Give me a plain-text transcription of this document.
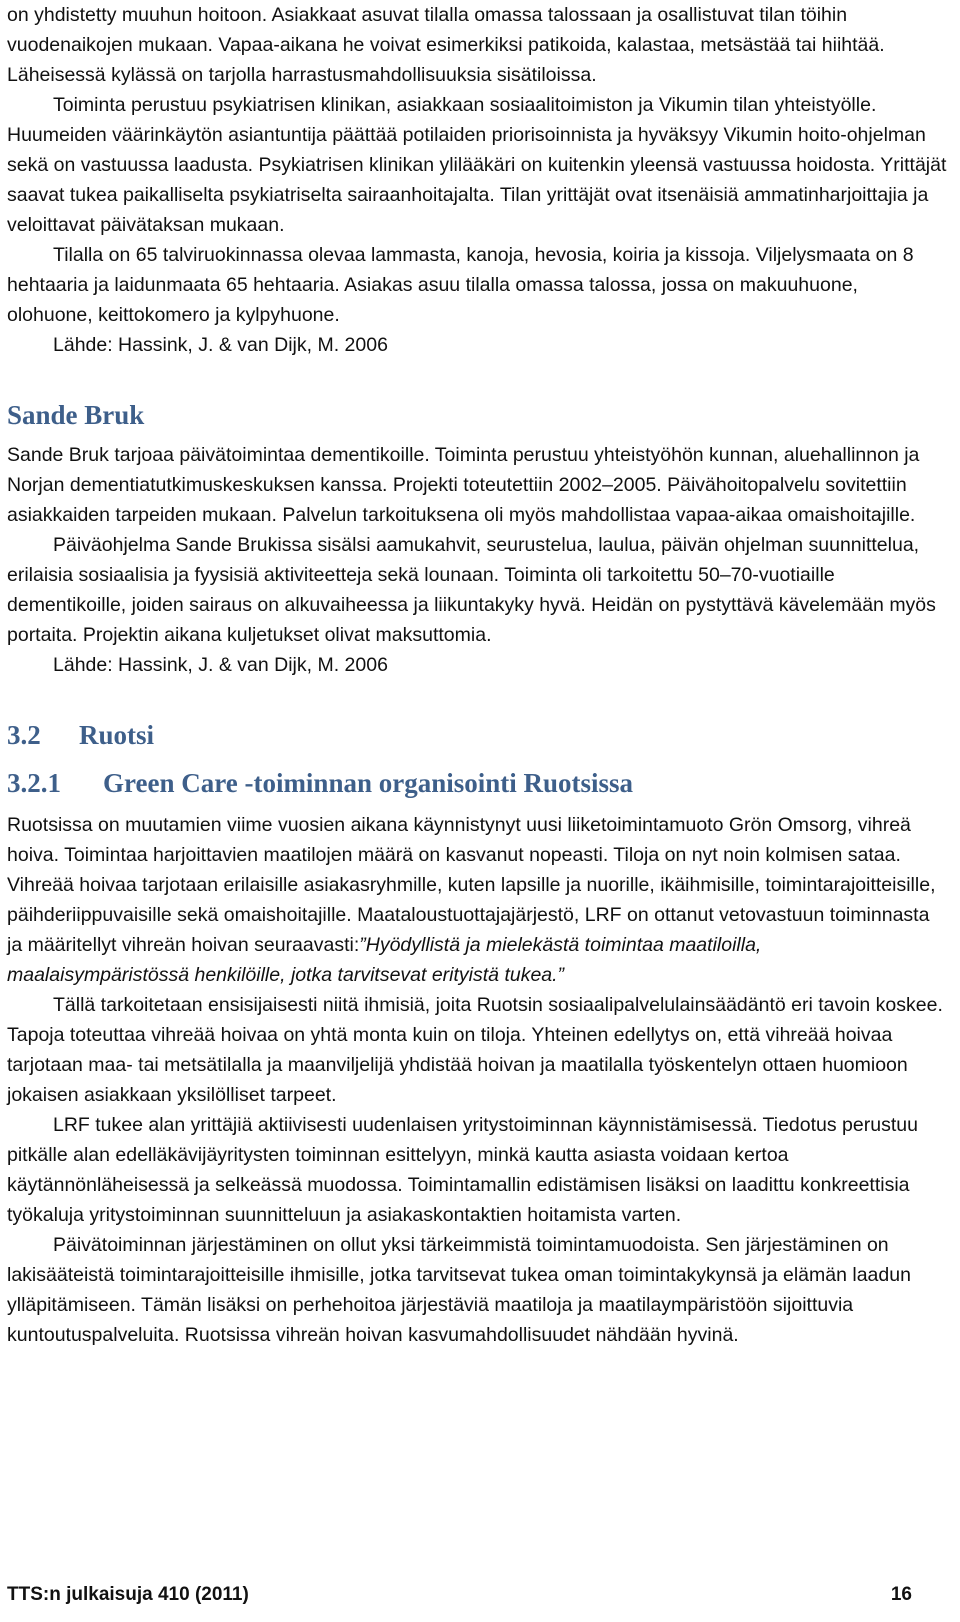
on yhdistetty muuhun hoitoon. Asiakkaat asuvat tilalla omassa talossaan ja osallistuvat tilan töihin vuodenaikojen mukaan. Vapaa-aikana he voivat esimerkiksi patikoida, kalastaa, metsästää tai hiihtää. Läheisessä kylässä on tarjolla harrastusmahdollisuuksia sisätiloissa.

Toiminta perustuu psykiatrisen klinikan, asiakkaan sosiaalitoimiston ja Vikumin tilan yhteistyölle. Huumeiden väärinkäytön asiantuntija päättää potilaiden priorisoinnista ja hyväksyy Vikumin hoito-ohjelman sekä on vastuussa laadusta. Psykiatrisen klinikan ylilääkäri on kuitenkin yleensä vastuussa hoidosta. Yrittäjät saavat tukea paikalliselta psykiatriselta sairaanhoitajalta. Tilan yrittäjät ovat itsenäisiä ammatinharjoittajia ja veloittavat päivätaksan mukaan.

Tilalla on 65 talviruokinnassa olevaa lammasta, kanoja, hevosia, koiria ja kissoja. Viljelysmaata on 8 hehtaaria ja laidunmaata 65 hehtaaria. Asiakas asuu tilalla omassa talossa, jossa on makuuhuone, olohuone, keittokomero ja kylpyhuone.

Lähde: Hassink, J. & van Dijk, M. 2006

Sande Bruk

Sande Bruk tarjoaa päivätoimintaa dementikoille. Toiminta perustuu yhteistyöhön kunnan, aluehallinnon ja Norjan dementiatutkimuskeskuksen kanssa. Projekti toteutettiin 2002–2005. Päivähoitopalvelu sovitettiin asiakkaiden tarpeiden mukaan. Palvelun tarkoituksena oli myös mahdollistaa vapaa-aikaa omaishoitajille.

Päiväohjelma Sande Brukissa sisälsi aamukahvit, seurustelua, laulua, päivän ohjelman suunnittelua, erilaisia sosiaalisia ja fyysisiä aktiviteetteja sekä lounaan. Toiminta oli tarkoitettu 50–70-vuotiaille dementikoille, joiden sairaus on alkuvaiheessa ja liikuntakyky hyvä. Heidän on pystyttävä kävelemään myös portaita. Projektin aikana kuljetukset olivat maksuttomia.

Lähde: Hassink, J. & van Dijk, M. 2006

3.2 Ruotsi
3.2.1 Green Care -toiminnan organisointi Ruotsissa

Ruotsissa on muutamien viime vuosien aikana käynnistynyt uusi liiketoimintamuoto Grön Omsorg, vihreä hoiva. Toimintaa harjoittavien maatilojen määrä on kasvanut nopeasti. Tiloja on nyt noin kolmisen sataa. Vihreää hoivaa tarjotaan erilaisille asiakasryhmille, kuten lapsille ja nuorille, ikäihmisille, toimintarajoitteisille, päihderiippuvaisille sekä omaishoitajille. Maataloustuottajajärjestö, LRF on ottanut vetovastuun toiminnasta ja määritellyt vihreän hoivan seuraavasti:”Hyödyllistä ja mielekästä toimintaa maatiloilla, maalaisympäristössä henkilöille, jotka tarvitsevat erityistä tukea.”

Tällä tarkoitetaan ensisijaisesti niitä ihmisiä, joita Ruotsin sosiaalipalvelulainsäädäntö eri tavoin koskee. Tapoja toteuttaa vihreää hoivaa on yhtä monta kuin on tiloja. Yhteinen edellytys on, että vihreää hoivaa tarjotaan maa- tai metsätilalla ja maanviljelijä yhdistää hoivan ja maatilalla työskentelyn ottaen huomioon jokaisen asiakkaan yksilölliset tarpeet.

LRF tukee alan yrittäjiä aktiivisesti uudenlaisen yritystoiminnan käynnistämisessä. Tiedotus perustuu pitkälle alan edelläkävijäyritysten toiminnan esittelyyn, minkä kautta asiasta voidaan kertoa käytännönläheisessä ja selkeässä muodossa. Toimintamallin edistämisen lisäksi on laadittu konkreettisia työkaluja yritystoiminnan suunnitteluun ja asiakaskontaktien hoitamista varten.

Päivätoiminnan järjestäminen on ollut yksi tärkeimmistä toimintamuodoista. Sen järjestäminen on lakisääteistä toimintarajoitteisille ihmisille, jotka tarvitsevat tukea oman toimintakykynsä ja elämän laadun ylläpitämiseen. Tämän lisäksi on perhehoitoa järjestäviä maatiloja ja maatilaympäristöön sijoittuvia kuntoutuspalveluita. Ruotsissa vihreän hoivan kasvumahdollisuudet nähdään hyvinä.

TTS:n julkaisuja 410 (2011)	16
